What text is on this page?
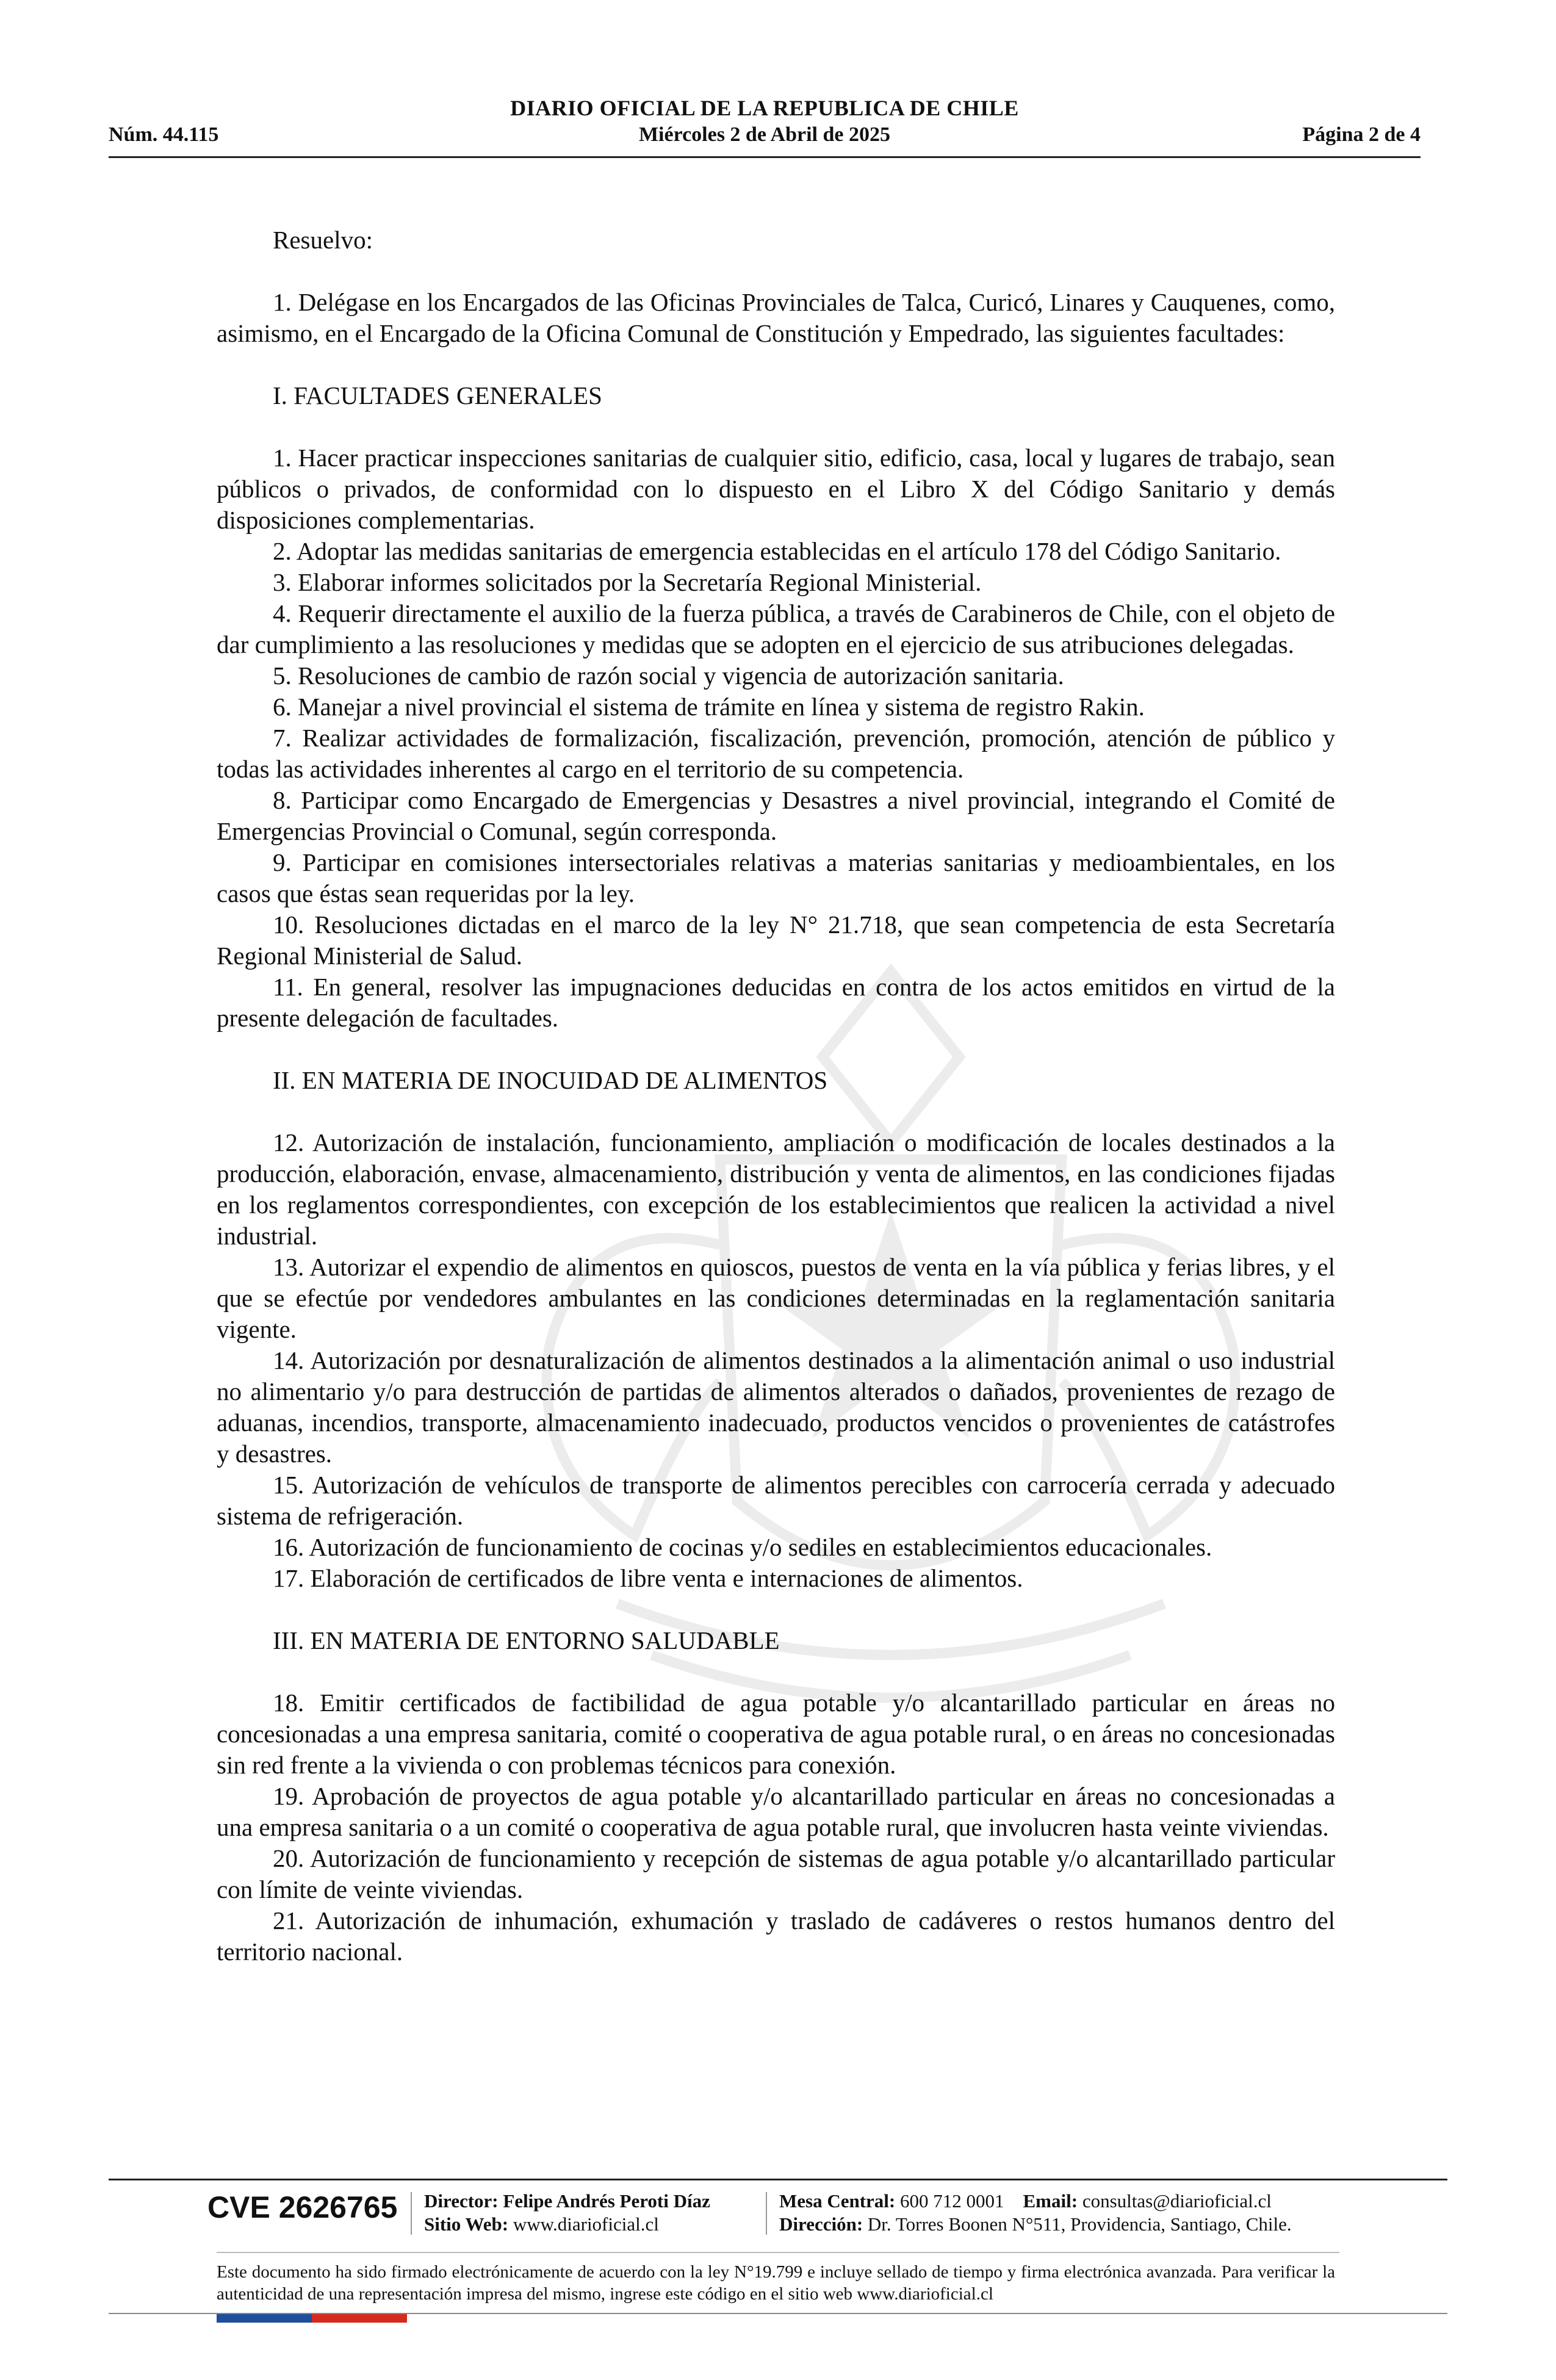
DIARIO OFICIAL DE LA REPUBLICA DE CHILE
Núm. 44.115	Miércoles 2 de Abril de 2025	Página 2 de 4

Resuelvo:

1. Delégase en los Encargados de las Oficinas Provinciales de Talca, Curicó, Linares y Cauquenes, como, asimismo, en el Encargado de la Oficina Comunal de Constitución y Empedrado, las siguientes facultades:

I. FACULTADES GENERALES

1. Hacer practicar inspecciones sanitarias de cualquier sitio, edificio, casa, local y lugares de trabajo, sean públicos o privados, de conformidad con lo dispuesto en el Libro X del Código Sanitario y demás disposiciones complementarias.

2. Adoptar las medidas sanitarias de emergencia establecidas en el artículo 178 del Código Sanitario.

3. Elaborar informes solicitados por la Secretaría Regional Ministerial.

4. Requerir directamente el auxilio de la fuerza pública, a través de Carabineros de Chile, con el objeto de dar cumplimiento a las resoluciones y medidas que se adopten en el ejercicio de sus atribuciones delegadas.

5. Resoluciones de cambio de razón social y vigencia de autorización sanitaria.

6. Manejar a nivel provincial el sistema de trámite en línea y sistema de registro Rakin.

7. Realizar actividades de formalización, fiscalización, prevención, promoción, atención de público y todas las actividades inherentes al cargo en el territorio de su competencia.

8. Participar como Encargado de Emergencias y Desastres a nivel provincial, integrando el Comité de Emergencias Provincial o Comunal, según corresponda.

9. Participar en comisiones intersectoriales relativas a materias sanitarias y medioambientales, en los casos que éstas sean requeridas por la ley.

10. Resoluciones dictadas en el marco de la ley N° 21.718, que sean competencia de esta Secretaría Regional Ministerial de Salud.

11. En general, resolver las impugnaciones deducidas en contra de los actos emitidos en virtud de la presente delegación de facultades.

II. EN MATERIA DE INOCUIDAD DE ALIMENTOS

12. Autorización de instalación, funcionamiento, ampliación o modificación de locales destinados a la producción, elaboración, envase, almacenamiento, distribución y venta de alimentos, en las condiciones fijadas en los reglamentos correspondientes, con excepción de los establecimientos que realicen la actividad a nivel industrial.

13. Autorizar el expendio de alimentos en quioscos, puestos de venta en la vía pública y ferias libres, y el que se efectúe por vendedores ambulantes en las condiciones determinadas en la reglamentación sanitaria vigente.

14. Autorización por desnaturalización de alimentos destinados a la alimentación animal o uso industrial no alimentario y/o para destrucción de partidas de alimentos alterados o dañados, provenientes de rezago de aduanas, incendios, transporte, almacenamiento inadecuado, productos vencidos o provenientes de catástrofes y desastres.

15. Autorización de vehículos de transporte de alimentos perecibles con carrocería cerrada y adecuado sistema de refrigeración.

16. Autorización de funcionamiento de cocinas y/o sediles en establecimientos educacionales.

17. Elaboración de certificados de libre venta e internaciones de alimentos.

III. EN MATERIA DE ENTORNO SALUDABLE

18. Emitir certificados de factibilidad de agua potable y/o alcantarillado particular en áreas no concesionadas a una empresa sanitaria, comité o cooperativa de agua potable rural, o en áreas no concesionadas sin red frente a la vivienda o con problemas técnicos para conexión.

19. Aprobación de proyectos de agua potable y/o alcantarillado particular en áreas no concesionadas a una empresa sanitaria o a un comité o cooperativa de agua potable rural, que involucren hasta veinte viviendas.

20. Autorización de funcionamiento y recepción de sistemas de agua potable y/o alcantarillado particular con límite de veinte viviendas.

21. Autorización de inhumación, exhumación y traslado de cadáveres o restos humanos dentro del territorio nacional.

CVE 2626765 Director: Felipe Andrés Peroti Díaz
Sitio Web: www.diarioficial.cl
Mesa Central: 600 712 0001 Email: consultas@diarioficial.cl
Dirección: Dr. Torres Boonen N°511, Providencia, Santiago, Chile.
Este documento ha sido firmado electrónicamente de acuerdo con la ley N°19.799 e incluye sellado de tiempo y firma electrónica avanzada. Para verificar la autenticidad de una representación impresa del mismo, ingrese este código en el sitio web www.diarioficial.cl
